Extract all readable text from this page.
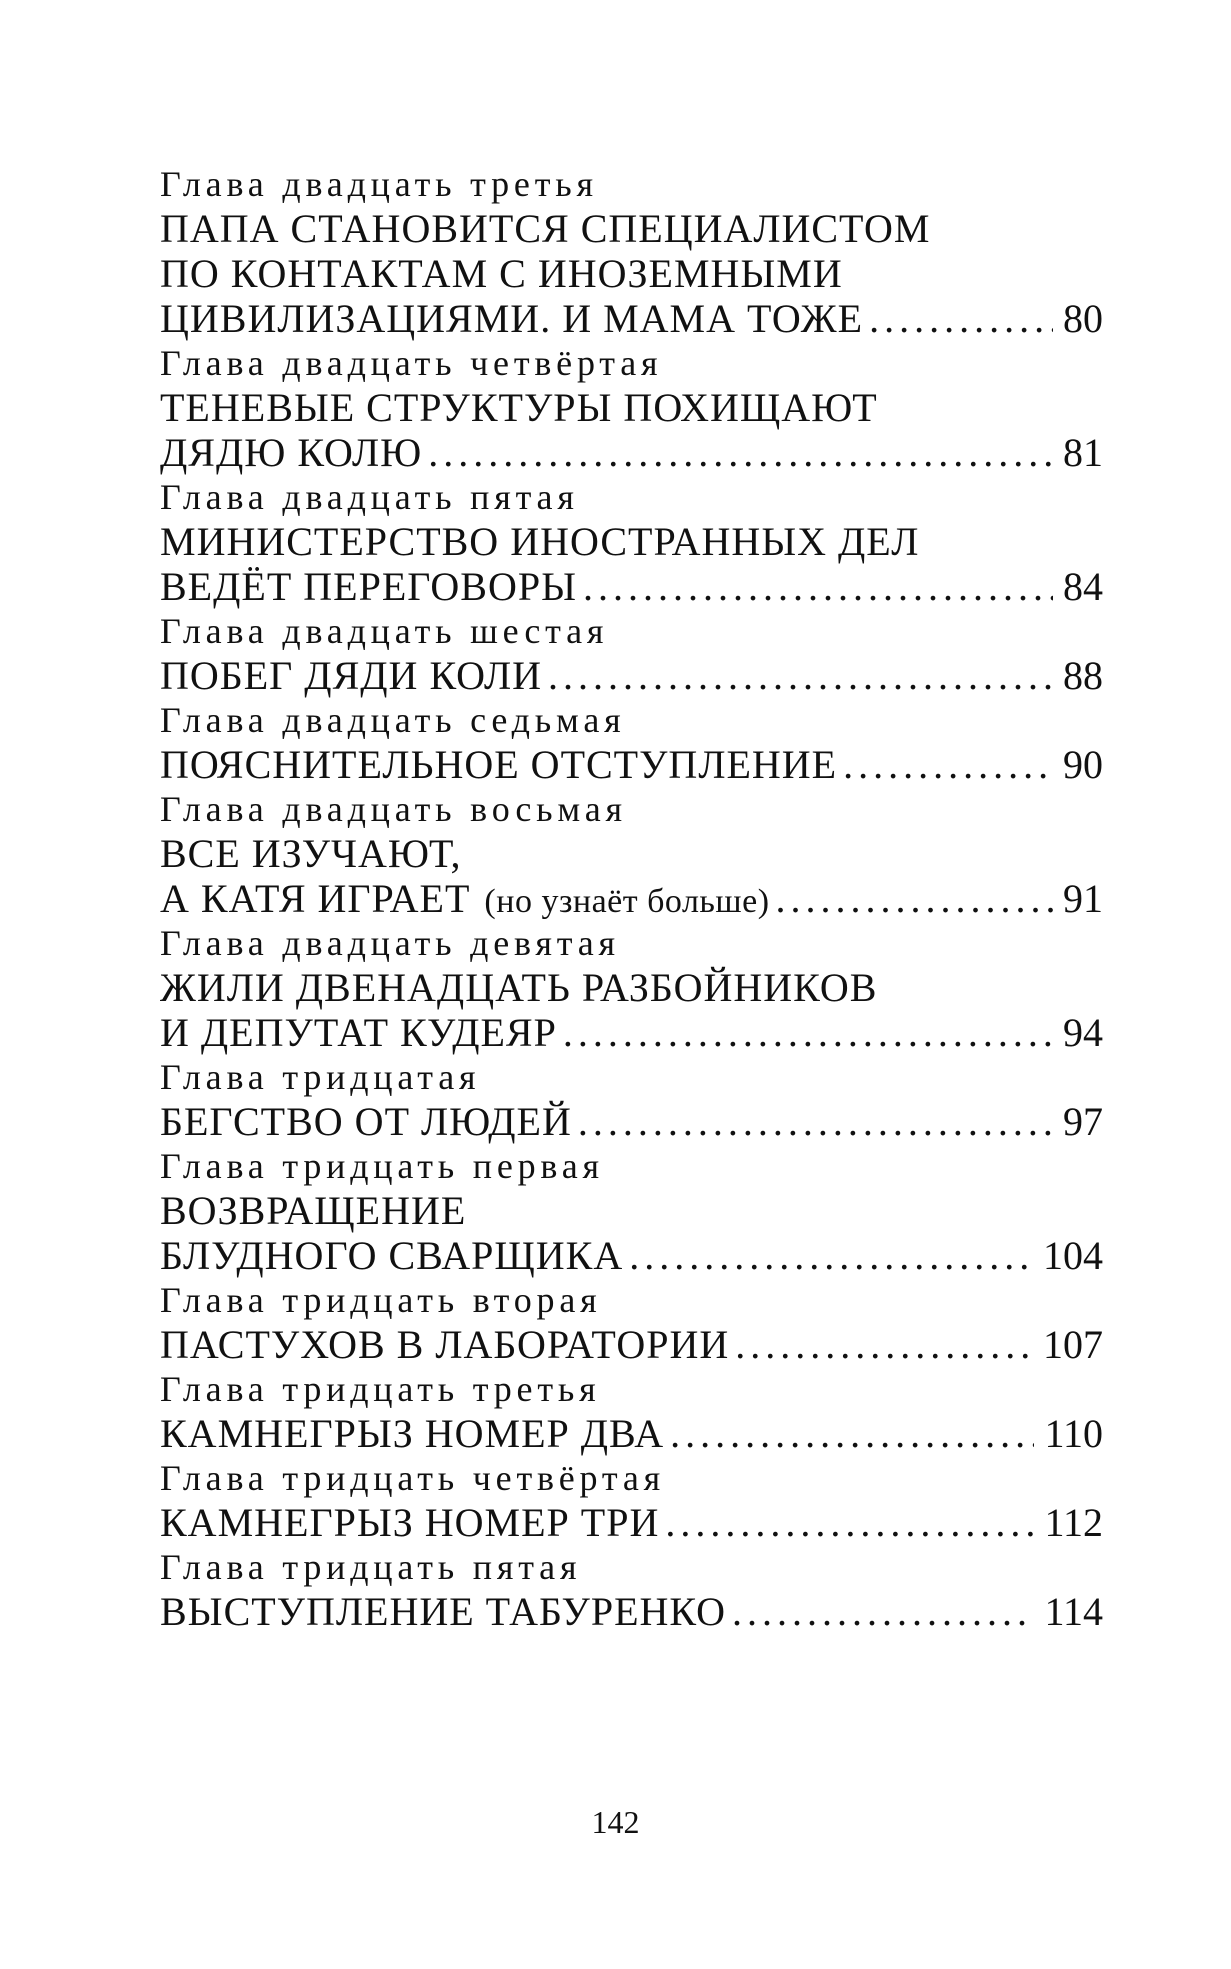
Глава двадцать третья
ПАПА СТАНОВИТСЯ СПЕЦИАЛИСТОМ
ПО КОНТАКТАМ С ИНОЗЕМНЫМИ
ЦИВИЛИЗАЦИЯМИ. И МАМА ТОЖЕ .....	80
Глава двадцать четвёртая
ТЕНЕВЫЕ СТРУКТУРЫ ПОХИЩАЮТ
ДЯДЮ КОЛЮ .....	81
Глава двадцать пятая
МИНИСТЕРСТВО ИНОСТРАННЫХ ДЕЛ
ВЕДЁТ ПЕРЕГОВОРЫ .....	84
Глава двадцать шестая
ПОБЕГ ДЯДИ КОЛИ .....	88
Глава двадцать седьмая
ПОЯСНИТЕЛЬНОЕ ОТСТУПЛЕНИЕ .....	90
Глава двадцать восьмая
ВСЕ ИЗУЧАЮТ,
А КАТЯ ИГРАЕТ (но узнаёт больше) .....	91
Глава двадцать девятая
ЖИЛИ ДВЕНАДЦАТЬ РАЗБОЙНИКОВ
И ДЕПУТАТ КУДЕЯР .....	94
Глава тридцатая
БЕГСТВО ОТ ЛЮДЕЙ .....	97
Глава тридцать первая
ВОЗВРАЩЕНИЕ
БЛУДНОГО СВАРЩИКА .....	104
Глава тридцать вторая
ПАСТУХОВ В ЛАБОРАТОРИИ .....	107
Глава тридцать третья
КАМНЕГРЫЗ НОМЕР ДВА .....	110
Глава тридцать четвёртая
КАМНЕГРЫЗ НОМЕР ТРИ .....	112
Глава тридцать пятая
ВЫСТУПЛЕНИЕ ТАБУРЕНКО .....	114
142
